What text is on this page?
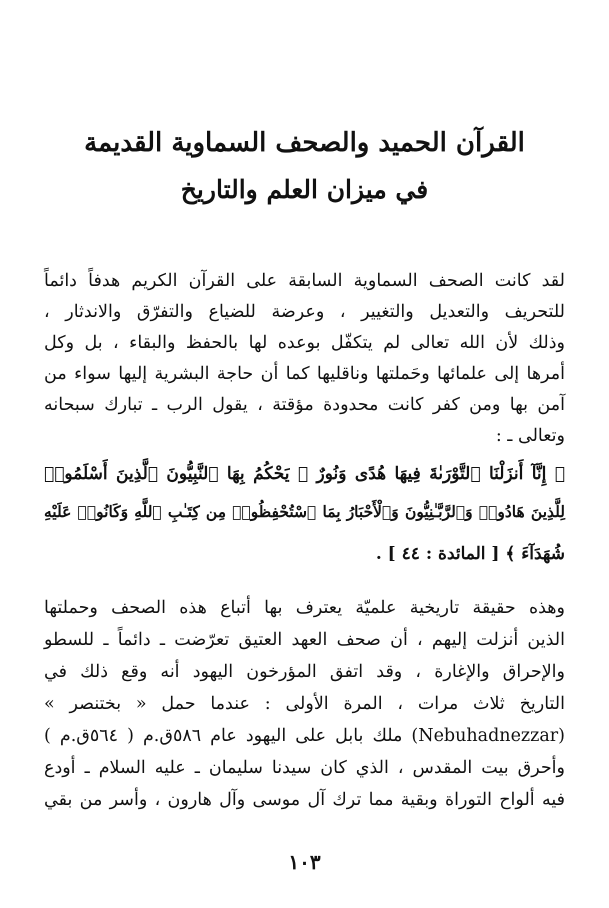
القرآن الحميد والصحف السماوية القديمة
في ميزان العلم والتاريخ
لقد كانت الصحف السماوية السابقة على القرآن الكريم هدفاً دائماً
للتحريف والتعديل والتغيير ، وعرضة للضياع والتفرّق والاندثار ،
وذلك لأن الله تعالى لم يتكفّل بوعده لها بالحفظ والبقاء ، بل وكل
أمرها إلى علمائها وحَملتها وناقليها كما أن حاجة البشرية إليها سواء من
آمن بها ومن كفر كانت محدودة مؤقتة ، يقول الرب ـ تبارك سبحانه
وتعالى ـ :
﴿ إِنَّآ أَنزَلْنَا ٱلتَّوْرَىٰةَ فِيهَا هُدًى وَنُورٌ ۚ يَحْكُمُ بِهَا ٱلنَّبِيُّونَ ٱلَّذِينَ أَسْلَمُوا۟
لِلَّذِينَ هَادُوا۟ وَٱلرَّبَّـٰنِيُّونَ وَٱلْأَحْبَارُ بِمَا ٱسْتُحْفِظُوا۟ مِن كِتَـٰبِ ٱللَّهِ وَكَانُوا۟ عَلَيْهِ
شُهَدَآءَ ﴾ [ المائدة : ٤٤ ] .
وهذه حقيقة تاريخية علميّة يعترف بها أتباع هذه الصحف وحملتها
الذين أنزلت إليهم ، أن صحف العهد العتيق تعرّضت ـ دائماً ـ للسطو
والإحراق والإغارة ، وقد اتفق المؤرخون اليهود أنه وقع ذلك في
التاريخ ثلاث مرات ، المرة الأولى : عندما حمل « بختنصر »
(Nebuhadnezzar) ملك بابل على اليهود عام ٥٨٦ق.م ( ٥٦٤ق.م )
وأحرق بيت المقدس ، الذي كان سيدنا سليمان ـ عليه السلام ـ أودع
فيه ألواح التوراة وبقية مما ترك آل موسى وآل هارون ، وأسر من بقي
١٠٣
